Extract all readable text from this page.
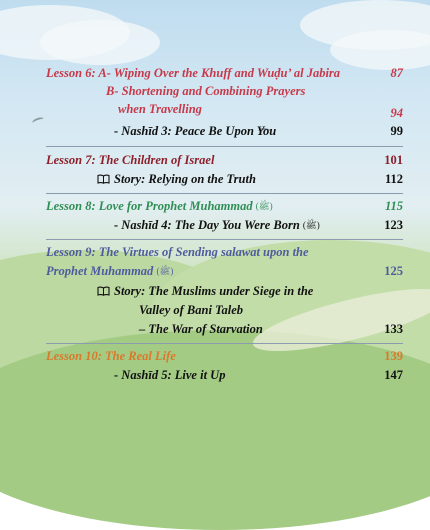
Lesson 6: A- Wiping Over the Khuff and Wuḍu’ al Jabira	87
B- Shortening and Combining Prayers
when Travelling	94
- Nashīd 3: Peace Be Upon You	99
Lesson 7: The Children of Israel	101
Story: Relying on the Truth	112
Lesson 8: Love for Prophet Muhammad (ﷺ)	115
- Nashīd 4: The Day You Were Born (ﷺ)	123
Lesson 9: The Virtues of Sending salawat upon the
Prophet Muhammad (ﷺ)	125
Story: The Muslims under Siege in the
Valley of Bani Taleb
– The War of Starvation	133
Lesson 10: The Real Life	139
- Nashīd 5: Live it Up	147
